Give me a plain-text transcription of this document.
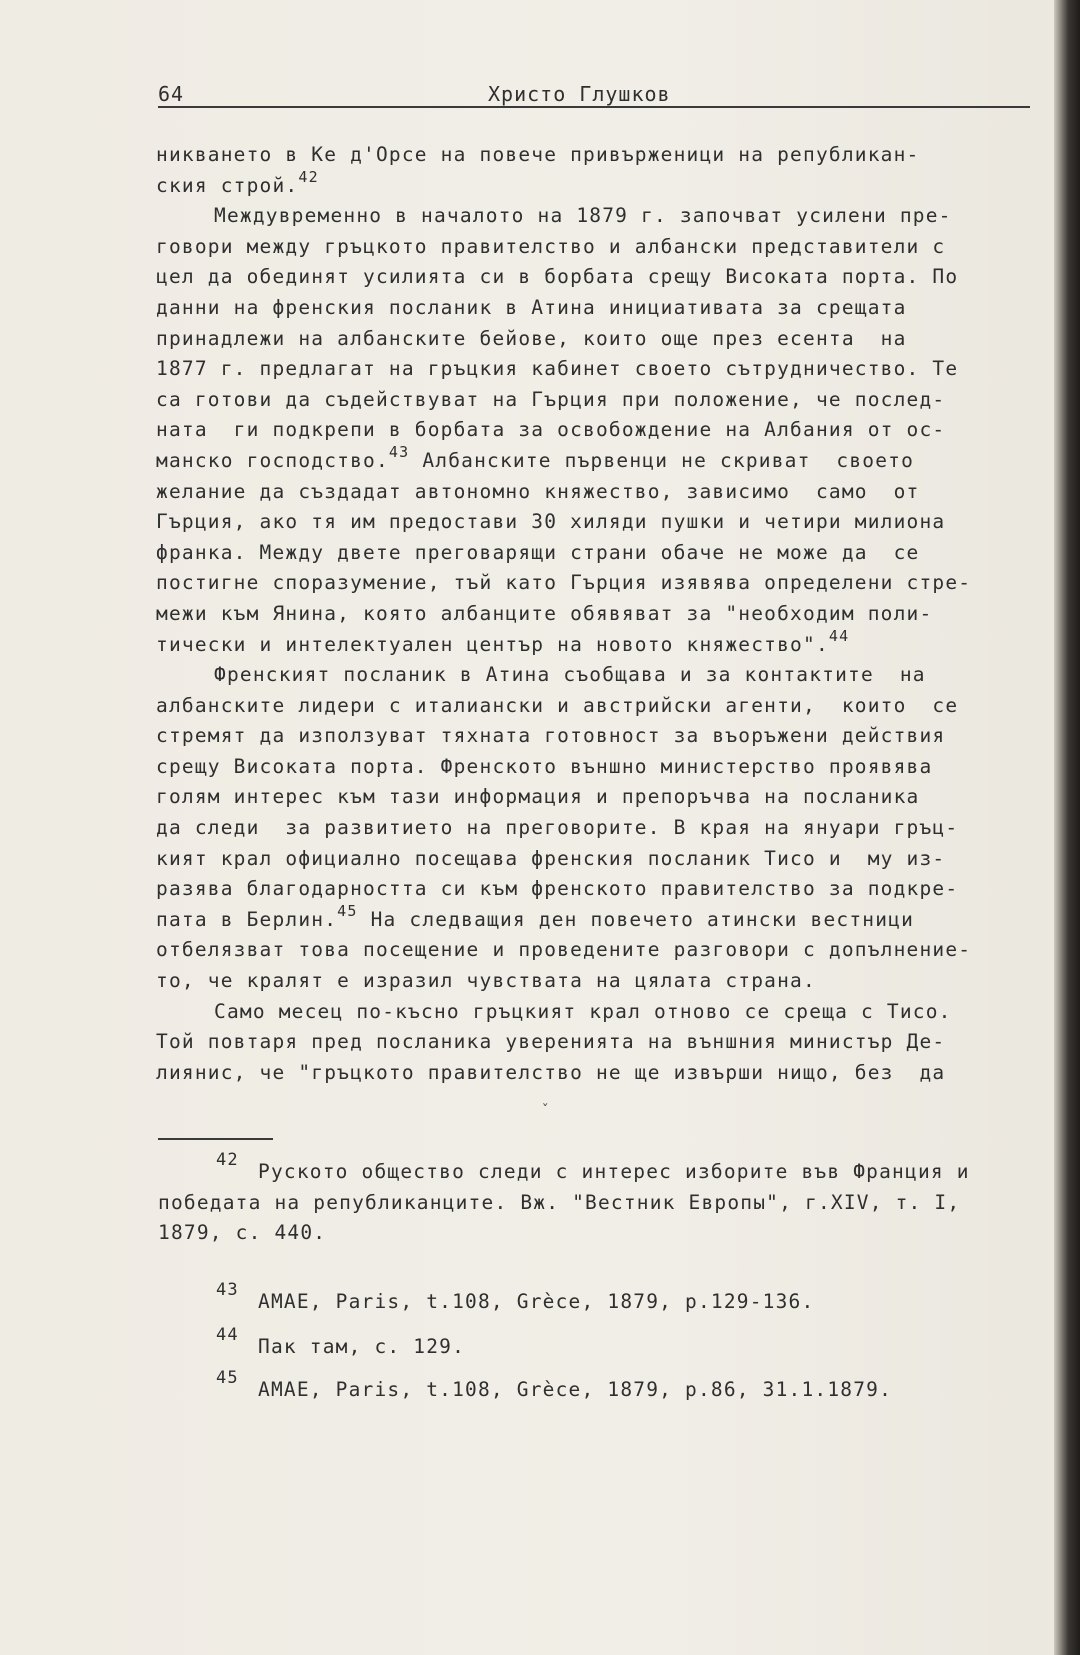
64	Христо Глушков
никването в Ке д'Орсе на повече привърженици на републикан-
ския строй.$^{42}$
Междувременно в началото на 1879 г. започват усилени пре-
говори между гръцкото правителство и албански представители с
цел да обединят усилията си в борбата срещу Високата порта. По
данни на френския посланик в Атина инициативата за срещата
принадлежи на албанските бейове, които още през есента  на
1877 г. предлагат на гръцкия кабинет своето сътрудничество. Те
са готови да съдействуват на Гърция при положение, че послед-
ната  ги подкрепи в борбата за освобождение на Албания от ос-
манско господство.$^{43}$ Албанските първенци не скриват  своето
желание да създадат автономно княжество, зависимо  само  от
Гърция, ако тя им предостави 30 хиляди пушки и четири милиона
франка. Между двете преговарящи страни обаче не може да  се
постигне споразумение, тъй като Гърция изявява определени стре-
межи към Янина, която албанците обявяват за "необходим поли-
тически и интелектуален център на новото княжество".$^{44}$
Френският посланик в Атина съобщава и за контактите  на
албанските лидери с италиански и австрийски агенти,  които  се
стремят да използуват тяхната готовност за въоръжени действия
срещу Високата порта. Френското външно министерство проявява
голям интерес към тази информация и препоръчва на посланика
да следи  за развитието на преговорите. В края на януари гръц-
кият крал официално посещава френския посланик Тисо и  му из-
разява благодарността си към френското правителство за подкре-
пата в Берлин.$^{45}$ На следващия ден повечето атински вестници
отбелязват това посещение и проведените разговори с допълнение-
то, че кралят е изразил чувствата на цялата страна.
Само месец по-късно гръцкият крал отново се среща с Тисо.
Той повтаря пред посланика уверенията на външния министър Де-
лиянис, че "гръцкото правителство не ще извърши нищо, без  да
ˇ
42 Руското общество следи с интерес изборите във Франция и
победата на републиканците. Вж. "Вестник Европы", г.XIV, т. I,
1879, с. 440.
43 AMAE, Paris, t.108, Grèce, 1879, p.129-136.
44 Пак там, с. 129.
45 AMAE, Paris, t.108, Grèce, 1879, p.86, 31.1.1879.
